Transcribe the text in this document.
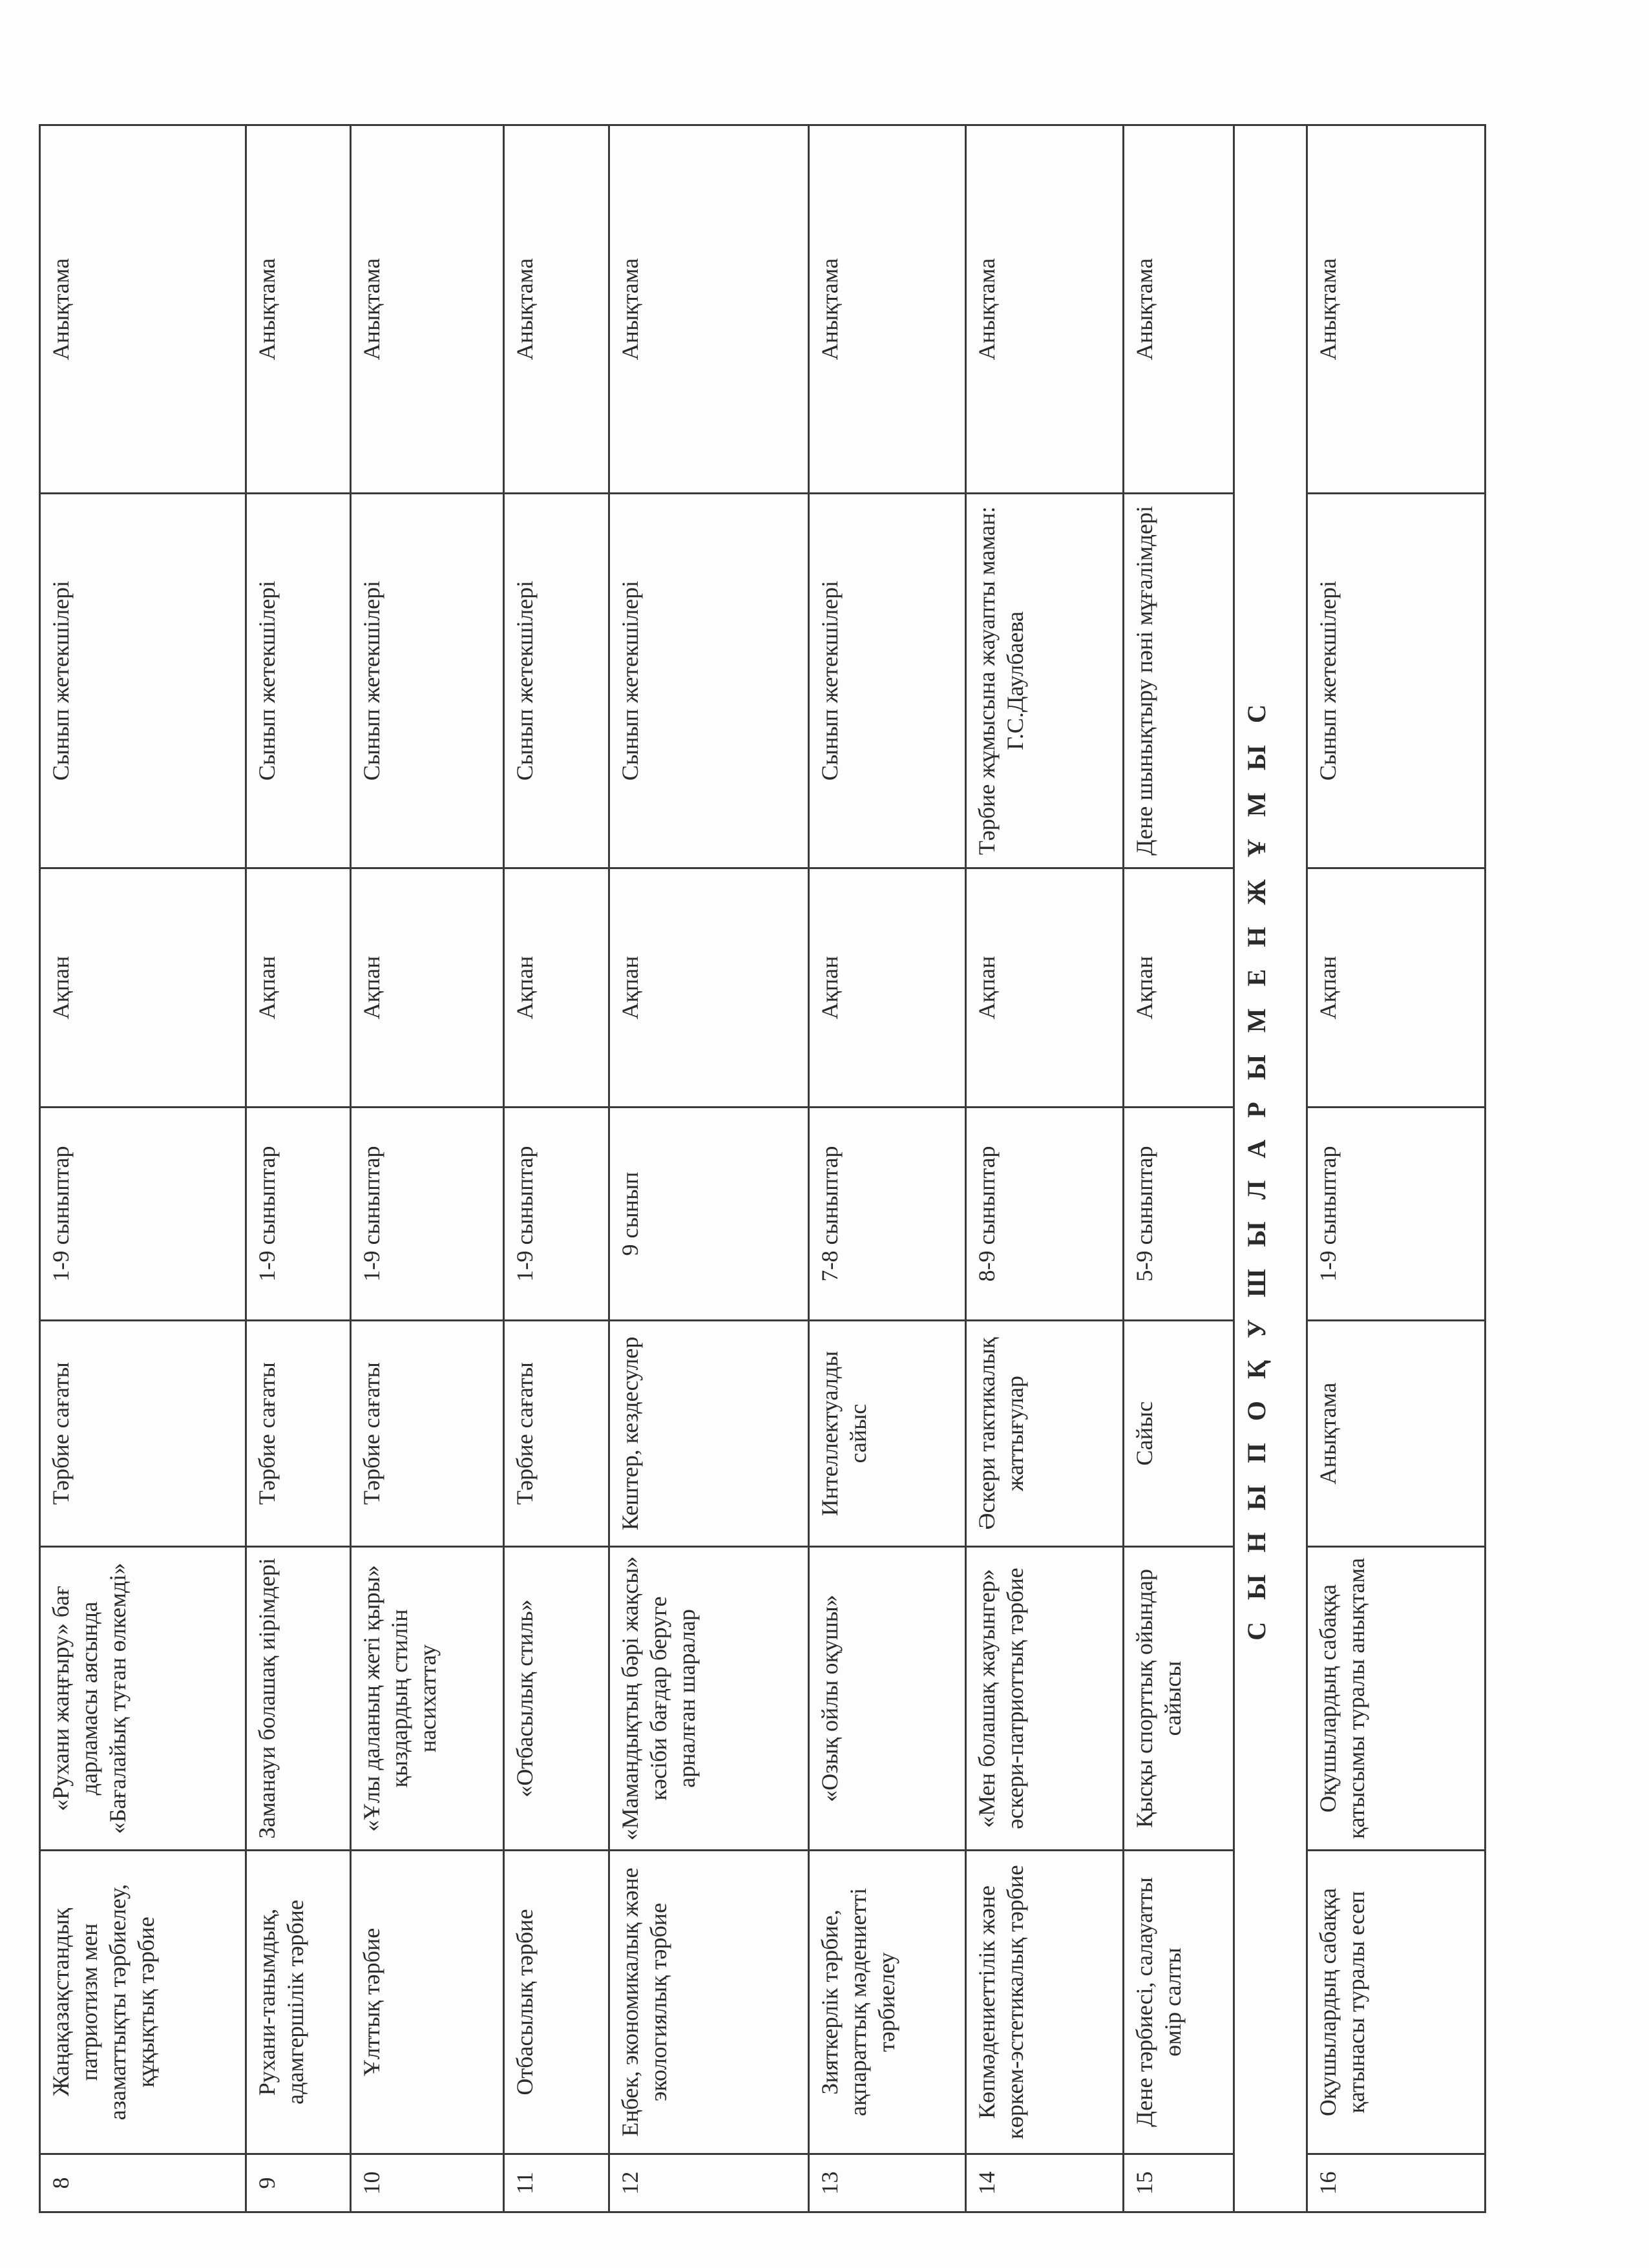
8	Жаңақазақстандық патриотизм мен азаматтықты тәрбиелеу, құқықтық тәрбие	«Рухани жаңғыру» бағ дарламасы аясында «Бағалайық туған өлкемді»	Тәрбие сағаты	1-9 сыныптар	Ақпан	Сынып жетекшілері	Анықтама
9	Рухани-танымдық, адамгершілік тәрбие	Заманауи болашақ иірімдері	Тәрбие сағаты	1-9 сыныптар	Ақпан	Сынып жетекшілері	Анықтама
10	Ұлттық тәрбие	«Ұлы даланың жеті қыры» қыздардың стилін насихаттау	Тәрбие сағаты	1-9 сыныптар	Ақпан	Сынып жетекшілері	Анықтама
11	Отбасылық тәрбие	«Отбасылық стиль»	Тәрбие сағаты	1-9 сыныптар	Ақпан	Сынып жетекшілері	Анықтама
12	Еңбек, экономикалық және экологиялық тәрбие	«Мамандықтың бәрі жақсы» кәсіби бағдар беруге арналған шаралар	Кештер, кездесулер	9 сынып	Ақпан	Сынып жетекшілері	Анықтама
13	Зияткерлік тәрбие, ақпараттық мәдениетті тәрбиелеу	«Озық ойлы оқушы»	Интеллектуалды сайыс	7-8 сыныптар	Ақпан	Сынып жетекшілері	Анықтама
14	Көпмәдениеттілік және көркем-эстетикалық тәрбие	«Мен болашақ жауынгер» әскери-патриоттық тәрбие	Әскери тактикалық жаттығулар	8-9 сыныптар	Ақпан	Тәрбие жұмысына жауапты маман: Г.С.Даулбаева	Анықтама
15	Дене тәрбиесі, салауатты өмір салты	Қысқы спорттық ойындар сайысы	Сайыс	5-9 сыныптар	Ақпан	Дене шынықтыру пәні мұғалімдері	Анықтама
С Ы Н Ы П О Қ У Ш Ы Л А Р Ы М Е Н Ж Ұ М Ы С							
16	Оқушылардың сабаққа қатынасы туралы есеп	Оқушылардың сабаққа қатысымы туралы анықтама	Анықтама	1-9 сыныптар	Ақпан	Сынып жетекшілері	Анықтама
